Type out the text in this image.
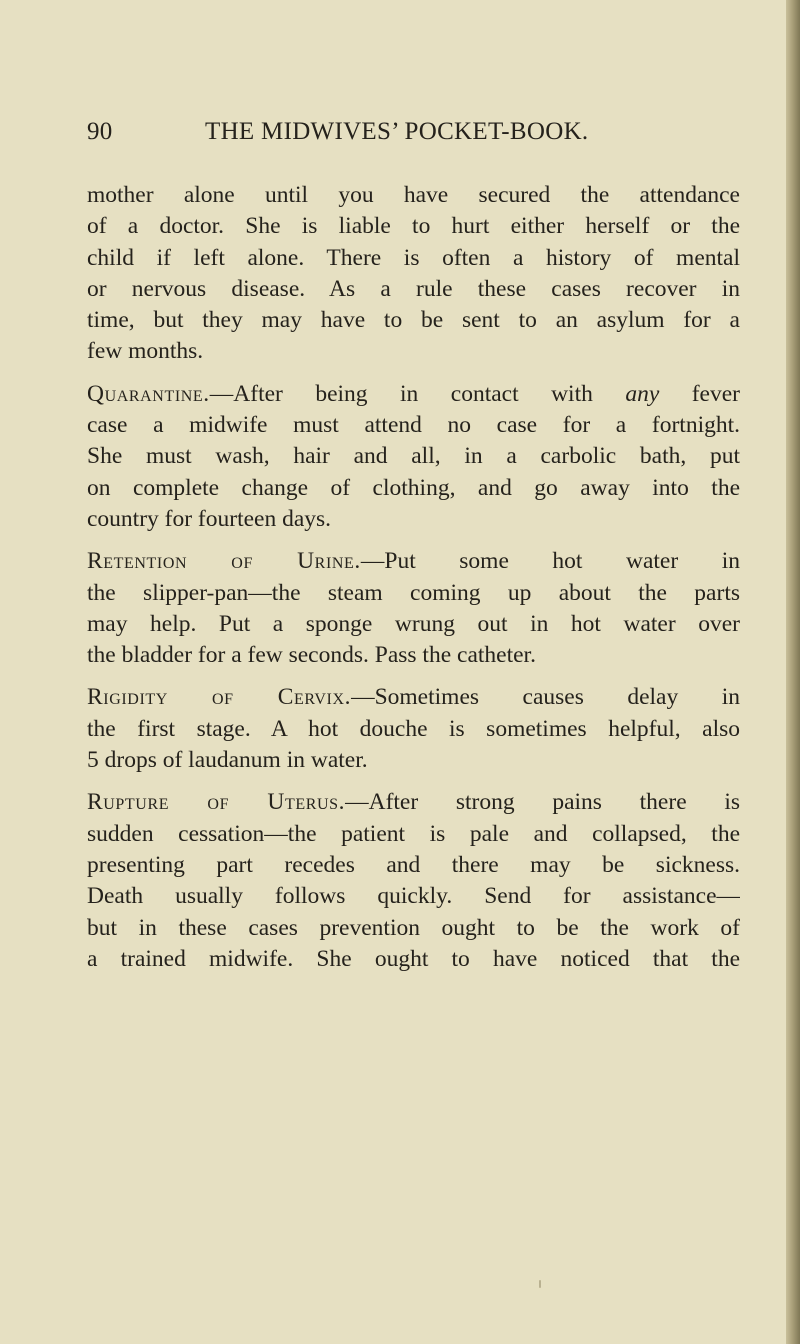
90	THE MIDWIVES’ POCKET-BOOK.
mother alone until you have secured the attendance
of a doctor. She is liable to hurt either herself or the
child if left alone. There is often a history of mental
or nervous disease. As a rule these cases recover in
time, but they may have to be sent to an asylum for a
few months.
Quarantine.—After being in contact with any fever
case a midwife must attend no case for a fortnight.
She must wash, hair and all, in a carbolic bath, put
on complete change of clothing, and go away into the
country for fourteen days.
Retention of Urine.—Put some hot water in
the slipper-pan—the steam coming up about the parts
may help. Put a sponge wrung out in hot water over
the bladder for a few seconds. Pass the catheter.
Rigidity of Cervix.—Sometimes causes delay in
the first stage. A hot douche is sometimes helpful, also
5 drops of laudanum in water.
Rupture of Uterus.—After strong pains there is
sudden cessation—the patient is pale and collapsed, the
presenting part recedes and there may be sickness.
Death usually follows quickly. Send for assistance—
but in these cases prevention ought to be the work of
a trained midwife. She ought to have noticed that the
